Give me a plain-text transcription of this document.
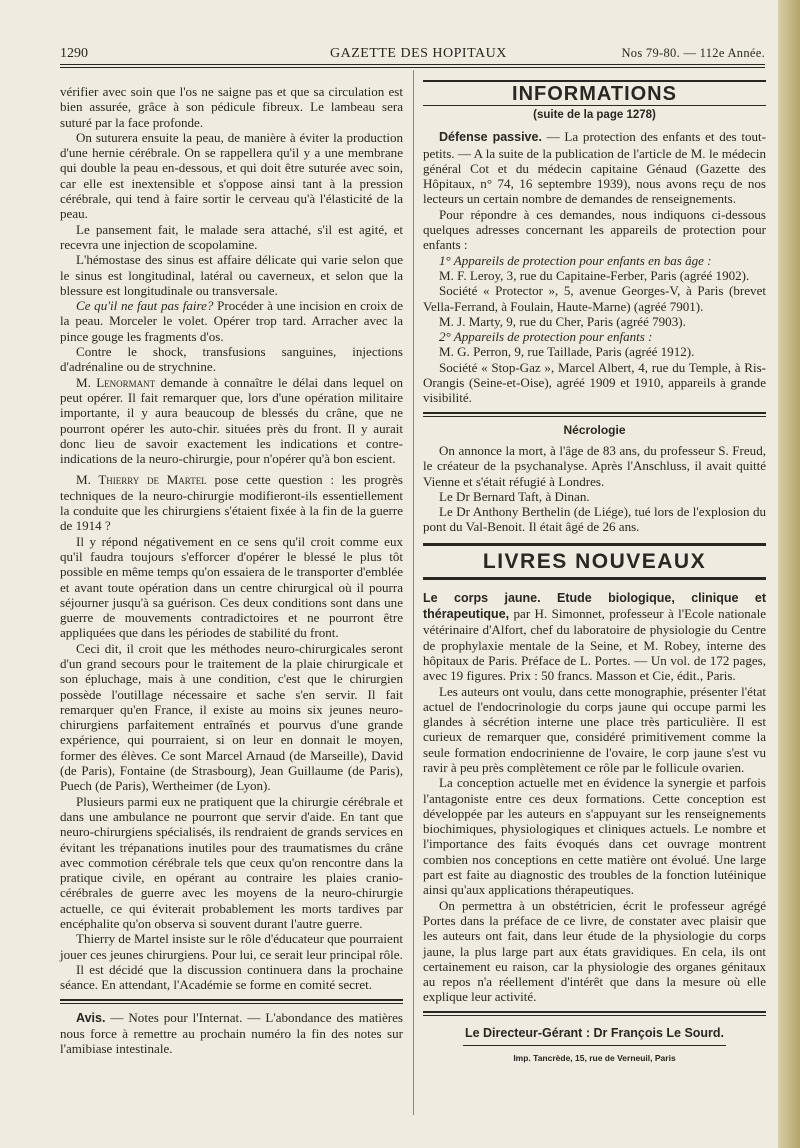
1290	GAZETTE DES HOPITAUX	Nos 79-80. — 112e Année.

vérifier avec soin que l'os ne saigne pas et que sa circulation est bien assurée, grâce à son pédicule fibreux. Le lambeau sera suturé par la face profonde.

On suturera ensuite la peau, de manière à éviter la production d'une hernie cérébrale. On se rappellera qu'il y a une membrane qui double la peau en-dessous, et qui doit être suturée avec soin, car elle est inextensible et s'oppose ainsi tant à la pression cérébrale, qui tend à faire sortir le cerveau qu'à l'élasticité de la peau.

Le pansement fait, le malade sera attaché, s'il est agité, et recevra une injection de scopolamine.

L'hémostase des sinus est affaire délicate qui varie selon que le sinus est longitudinal, latéral ou caverneux, et selon que la blessure est longitudinale ou transversale.

Ce qu'il ne faut pas faire? Procéder à une incision en croix de la peau. Morceler le volet. Opérer trop tard. Arracher avec la pince gouge les fragments d'os.

Contre le shock, transfusions sanguines, injections d'adrénaline ou de strychnine.

M. Lenormant demande à connaître le délai dans lequel on peut opérer. Il fait remarquer que, lors d'une opération militaire importante, il y aura beaucoup de blessés du crâne, que ne pourront opérer les auto-chir. situées près du front. Il y aurait donc lieu de savoir exactement les indications et contre-indications de la neuro-chirurgie, pour n'opérer qu'à bon escient.

M. Thierry de Martel pose cette question : les progrès techniques de la neuro-chirurgie modifieront-ils essentiellement la conduite que les chirurgiens s'étaient fixée à la fin de la guerre de 1914 ?

Il y répond négativement en ce sens qu'il croit comme eux qu'il faudra toujours s'efforcer d'opérer le blessé le plus tôt possible en même temps qu'on essaiera de le transporter d'emblée et avant toute opération dans un centre chirurgical où il pourra séjourner jusqu'à sa guérison. Ces deux conditions sont dans une guerre de mouvements contradictoires et ne pourront être appliquées que dans les périodes de stabilité du front.

Ceci dit, il croit que les méthodes neuro-chirurgicales seront d'un grand secours pour le traitement de la plaie chirurgicale et son épluchage, mais à une condition, c'est que le chirurgien possède l'outillage nécessaire et sache s'en servir. Il fait remarquer qu'en France, il existe au moins six jeunes neuro-chirurgiens parfaitement entraînés et pourvus d'une grande expérience, qui pourraient, si on leur en donnait le moyen, former des élèves. Ce sont Marcel Arnaud (de Marseille), David (de Paris), Fontaine (de Strasbourg), Jean Guillaume (de Paris), Puech (de Paris), Wertheimer (de Lyon).

Plusieurs parmi eux ne pratiquent que la chirurgie cérébrale et dans une ambulance ne pourront que servir d'aide. En tant que neuro-chirurgiens spécialisés, ils rendraient de grands services en évitant les trépanations inutiles pour des traumatismes du crâne avec commotion cérébrale tels que ceux qu'on rencontre dans la pratique civile, en opérant au contraire les plaies cranio-cérébrales de guerre avec les moyens de la neuro-chirurgie actuelle, ce qui éviterait probablement les morts tardives par encéphalite qu'on observa si souvent durant l'autre guerre.

Thierry de Martel insiste sur le rôle d'éducateur que pourraient jouer ces jeunes chirurgiens. Pour lui, ce serait leur principal rôle.

Il est décidé que la discussion continuera dans la prochaine séance. En attendant, l'Académie se forme en comité secret.

Avis. — Notes pour l'Internat. — L'abondance des matières nous force à remettre au prochain numéro la fin des notes sur l'amibiase intestinale.

INFORMATIONS
(suite de la page 1278)

Défense passive. — La protection des enfants et des tout-petits. — A la suite de la publication de l'article de M. le médecin général Cot et du médecin capitaine Génaud (Gazette des Hôpitaux, n° 74, 16 septembre 1939), nous avons reçu de nos lecteurs un certain nombre de demandes de renseignements.

Pour répondre à ces demandes, nous indiquons ci-dessous quelques adresses concernant les appareils de protection pour enfants :

1° Appareils de protection pour enfants en bas âge :

M. F. Leroy, 3, rue du Capitaine-Ferber, Paris (agréé 1902).

Société « Protector », 5, avenue Georges-V, à Paris (brevet Vella-Ferrand, à Foulain, Haute-Marne) (agréé 7901).

M. J. Marty, 9, rue du Cher, Paris (agréé 7903).

2° Appareils de protection pour enfants :

M. G. Perron, 9, rue Taillade, Paris (agréé 1912).

Société « Stop-Gaz », Marcel Albert, 4, rue du Temple, à Ris-Orangis (Seine-et-Oise), agréé 1909 et 1910, appareils à grande visibilité.

Nécrologie

On annonce la mort, à l'âge de 83 ans, du professeur S. Freud, le créateur de la psychanalyse. Après l'Anschluss, il avait quitté Vienne et s'était réfugié à Londres.

Le Dr Bernard Taft, à Dinan.

Le Dr Anthony Berthelin (de Liége), tué lors de l'explosion du pont du Val-Benoit. Il était âgé de 26 ans.

LIVRES NOUVEAUX

Le corps jaune. Etude biologique, clinique et thérapeutique, par H. Simonnet, professeur à l'Ecole nationale vétérinaire d'Alfort, chef du laboratoire de physiologie du Centre de prophylaxie mentale de la Seine, et M. Robey, interne des hôpitaux de Paris. Préface de L. Portes. — Un vol. de 172 pages, avec 19 figures. Prix : 50 francs. Masson et Cie, édit., Paris.

Les auteurs ont voulu, dans cette monographie, présenter l'état actuel de l'endocrinologie du corps jaune qui occupe parmi les glandes à sécrétion interne une place très particulière. Il est curieux de remarquer que, considéré primitivement comme la seule formation endocrinienne de l'ovaire, le corp jaune s'est vu ravir à peu près complètement ce rôle par le follicule ovarien.

La conception actuelle met en évidence la synergie et parfois l'antagoniste entre ces deux formations. Cette conception est développée par les auteurs en s'appuyant sur les renseignements biochimiques, physiologiques et cliniques actuels. Le nombre et l'importance des faits évoqués dans cet ouvrage montrent combien nos conceptions en cette matière ont évolué. Une large part est faite au diagnostic des troubles de la fonction lutéinique ainsi qu'aux applications thérapeutiques.

On permettra à un obstétricien, écrit le professeur agrégé Portes dans la préface de ce livre, de constater avec plaisir que les auteurs ont fait, dans leur étude de la physiologie du corps jaune, la plus large part aux états gravidiques. En cela, ils ont certainement eu raison, car la physiologie des organes génitaux au repos n'a réellement d'intérêt que dans la mesure où elle explique leur activité.

Le Directeur-Gérant : Dr François Le Sourd.
Imp. Tancrède, 15, rue de Verneuil, Paris
